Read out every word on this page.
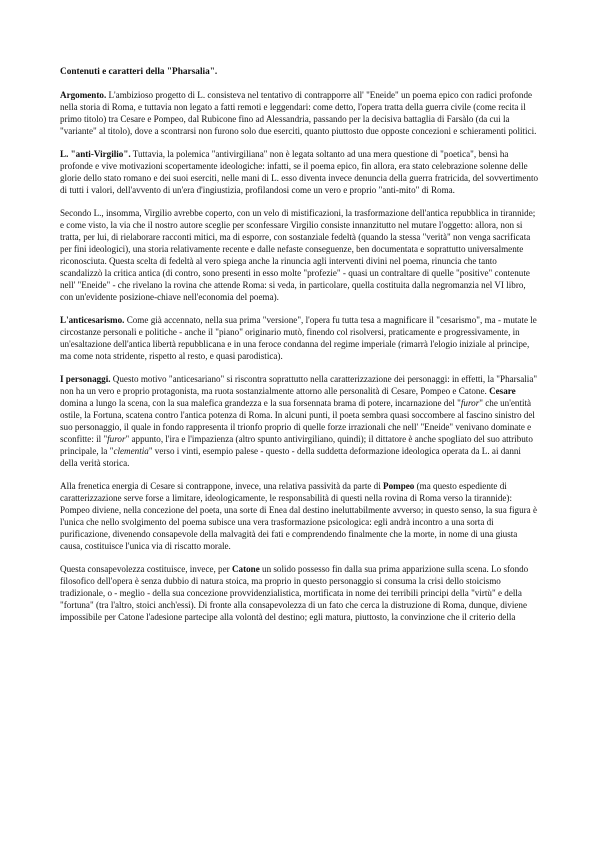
Contenuti e caratteri della "Pharsalia".

Argomento. L'ambizioso progetto di L. consisteva nel tentativo di contrapporre all' "Eneide" un poema epico con radici profonde nella storia di Roma, e tuttavia non legato a fatti remoti e leggendari: come detto, l'opera tratta della guerra civile (come recita il primo titolo) tra Cesare e Pompeo, dal Rubicone fino ad Alessandria, passando per la decisiva battaglia di Farsàlo (da cui la "variante" al titolo), dove a scontrarsi non furono solo due eserciti, quanto piuttosto due opposte concezioni e schieramenti politici.

L. "anti-Virgilio". Tuttavia, la polemica "antivirgiliana" non è legata soltanto ad una mera questione di "poetica", bensì ha profonde e vive motivazioni scopertamente ideologiche: infatti, se il poema epico, fin allora, era stato celebrazione solenne delle glorie dello stato romano e dei suoi eserciti, nelle mani di L. esso diventa invece denuncia della guerra fratricida, del sovvertimento di tutti i valori, dell'avvento di un'era d'ingiustizia, profilandosi come un vero e proprio "anti-mito" di Roma.

Secondo L., insomma, Virgilio avrebbe coperto, con un velo di mistificazioni, la trasformazione dell'antica repubblica in tirannide; e come visto, la via che il nostro autore sceglie per sconfessare Virgilio consiste innanzitutto nel mutare l'oggetto: allora, non si tratta, per lui, di rielaborare racconti mitici, ma di esporre, con sostanziale fedeltà (quando la stessa "verità" non venga sacrificata per fini ideologici), una storia relativamente recente e dalle nefaste conseguenze, ben documentata e soprattutto universalmente riconosciuta. Questa scelta di fedeltà al vero spiega anche la rinuncia agli interventi divini nel poema, rinuncia che tanto scandalizzò la critica antica (di contro, sono presenti in esso molte "profezie" - quasi un contraltare di quelle "positive" contenute nell' "Eneide" - che rivelano la rovina che attende Roma: si veda, in particolare, quella costituita dalla negromanzia nel VI libro, con un'evidente posizione-chiave nell'economia del poema).

L'anticesarismo. Come già accennato, nella sua prima "versione", l'opera fu tutta tesa a magnificare il "cesarismo", ma - mutate le circostanze personali e politiche - anche il "piano" originario mutò, finendo col risolversi, praticamente e progressivamente, in un'esaltazione dell'antica libertà repubblicana e in una feroce condanna del regime imperiale (rimarrà l'elogio iniziale al principe, ma come nota stridente, rispetto al resto, e quasi parodistica).

I personaggi. Questo motivo "anticesariano" si riscontra soprattutto nella caratterizzazione dei personaggi: in effetti, la "Pharsalia" non ha un vero e proprio protagonista, ma ruota sostanzialmente attorno alle personalità di Cesare, Pompeo e Catone. Cesare domina a lungo la scena, con la sua malefica grandezza e la sua forsennata brama di potere, incarnazione del "furor" che un'entità ostile, la Fortuna, scatena contro l'antica potenza di Roma. In alcuni punti, il poeta sembra quasi soccombere al fascino sinistro del suo personaggio, il quale in fondo rappresenta il trionfo proprio di quelle forze irrazionali che nell' "Eneide" venivano dominate e sconfitte: il "furor" appunto, l'ira e l'impazienza (altro spunto antivirgiliano, quindi); il dittatore è anche spogliato del suo attributo principale, la "clementia" verso i vinti, esempio palese - questo - della suddetta deformazione ideologica operata da L. ai danni della verità storica.

Alla frenetica energia di Cesare si contrappone, invece, una relativa passività da parte di Pompeo (ma questo espediente di caratterizzazione serve forse a limitare, ideologicamente, le responsabilità di questi nella rovina di Roma verso la tirannide): Pompeo diviene, nella concezione del poeta, una sorte di Enea dal destino ineluttabilmente avverso; in questo senso, la sua figura è l'unica che nello svolgimento del poema subisce una vera trasformazione psicologica: egli andrà incontro a una sorta di purificazione, divenendo consapevole della malvagità dei fati e comprendendo finalmente che la morte, in nome di una giusta causa, costituisce l'unica via di riscatto morale.

Questa consapevolezza costituisce, invece, per Catone un solido possesso fin dalla sua prima apparizione sulla scena. Lo sfondo filosofico dell'opera è senza dubbio di natura stoica, ma proprio in questo personaggio si consuma la crisi dello stoicismo tradizionale, o - meglio - della sua concezione provvidenzialistica, mortificata in nome dei terribili principi della "virtù" e della "fortuna" (tra l'altro, stoici anch'essi). Di fronte alla consapevolezza di un fato che cerca la distruzione di Roma, dunque, diviene impossibile per Catone l'adesione partecipe alla volontà del destino; egli matura, piuttosto, la convinzione che il criterio della
